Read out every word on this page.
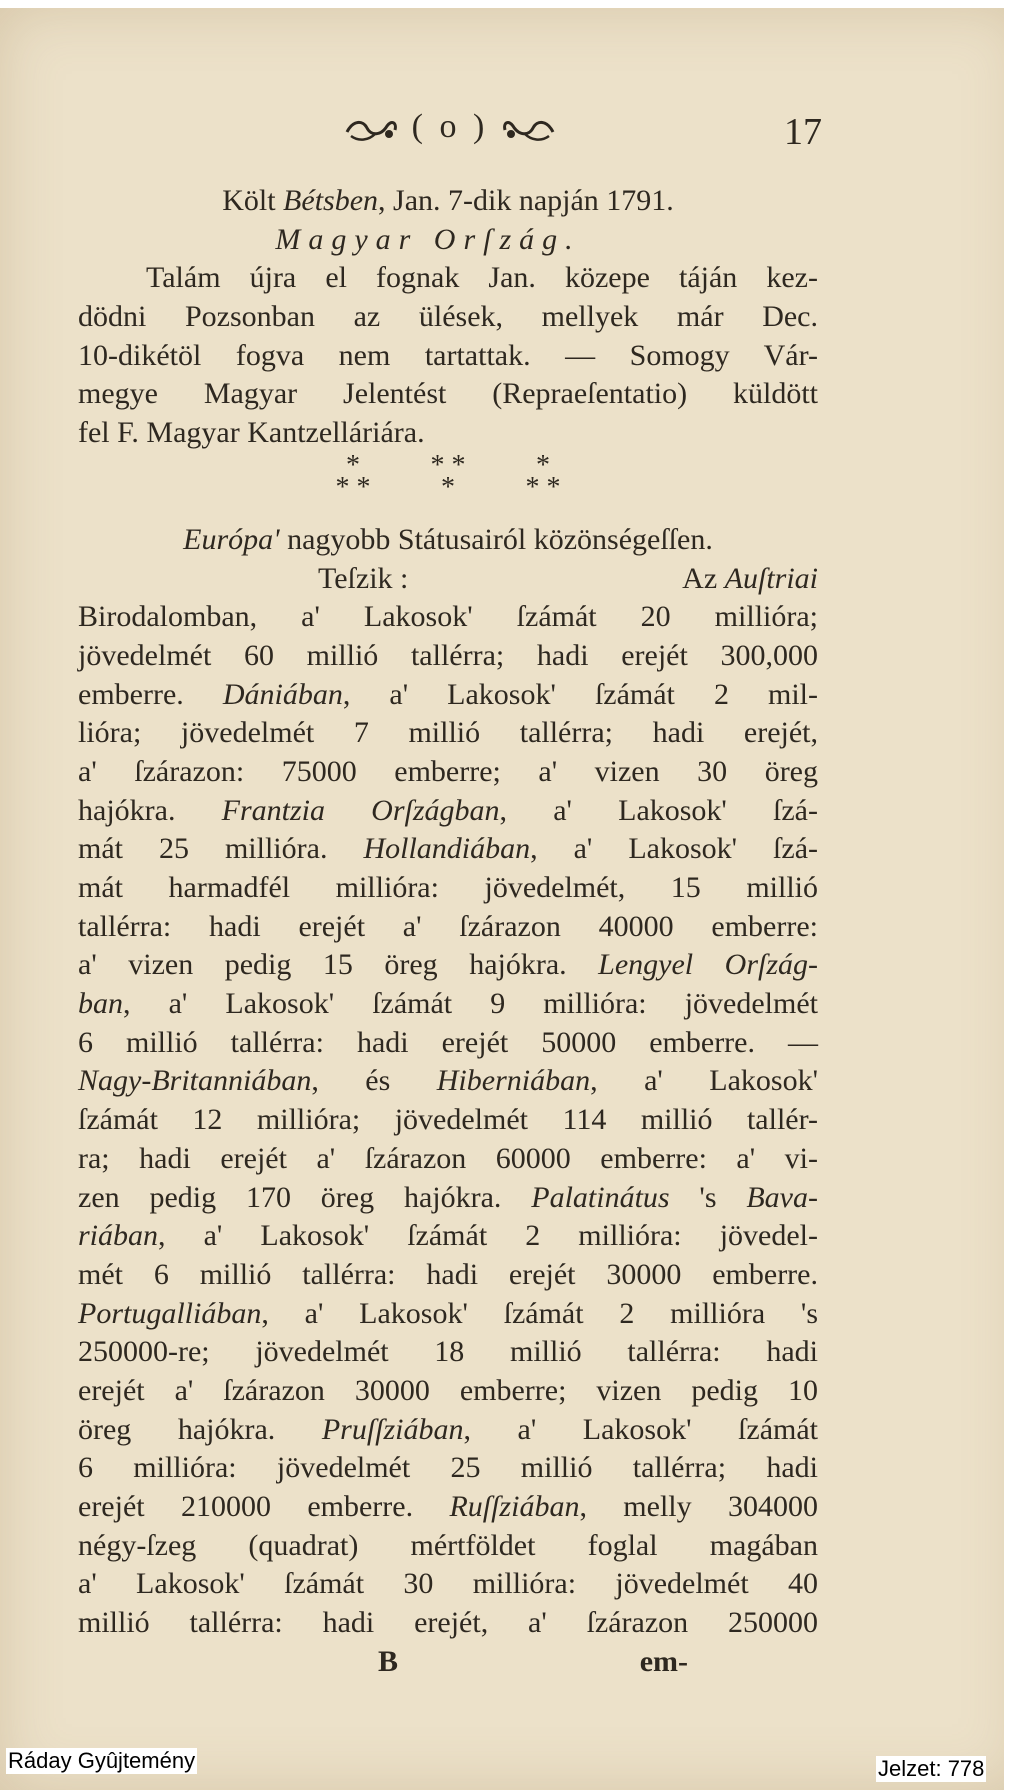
( o )	17
Költ Bétsben, Jan. 7-dik napján 1791.
Magyar Orſzág.
Talám újra el fognak Jan. közepe táján kez-
dödni Pozsonban az ülések, mellyek már Dec.
10-dikétöl fogva nem tartattak. — Somogy Vár-
megye Magyar Jelentést (Repraeſentatio) küldött
fel F. Magyar Kantzelláriára.
*
* *
* *
*
*
* *
Európa' nagyobb Státusairól közönségeſſen.
Teſzik :	Az Auſtriai
Birodalomban, a' Lakosok' ſzámát 20 millióra;
jövedelmét 60 millió tallérra; hadi erejét 300,000
emberre. Dániában, a' Lakosok' ſzámát 2 mil-
lióra; jövedelmét 7 millió tallérra; hadi erejét,
a' ſzárazon: 75000 emberre; a' vizen 30 öreg
hajókra. Frantzia Orſzágban, a' Lakosok' ſzá-
mát 25 millióra. Hollandiában, a' Lakosok' ſzá-
mát harmadfél millióra: jövedelmét, 15 millió
tallérra: hadi erejét a' ſzárazon 40000 emberre:
a' vizen pedig 15 öreg hajókra. Lengyel Orſzág-
ban, a' Lakosok' ſzámát 9 millióra: jövedelmét
6 millió tallérra: hadi erejét 50000 emberre. —
Nagy-Britanniában, és Hiberniában, a' Lakosok'
ſzámát 12 millióra; jövedelmét 114 millió tallér-
ra; hadi erejét a' ſzárazon 60000 emberre: a' vi-
zen pedig 170 öreg hajókra. Palatinátus 's Bava-
riában, a' Lakosok' ſzámát 2 millióra: jövedel-
mét 6 millió tallérra: hadi erejét 30000 emberre.
Portugalliában, a' Lakosok' ſzámát 2 millióra 's
250000-re; jövedelmét 18 millió tallérra: hadi
erejét a' ſzárazon 30000 emberre; vizen pedig 10
öreg hajókra. Pruſſziában, a' Lakosok' ſzámát
6 millióra: jövedelmét 25 millió tallérra; hadi
erejét 210000 emberre. Ruſſziában, melly 304000
négy-ſzeg (quadrat) mértföldet foglal magában
a' Lakosok' ſzámát 30 millióra: jövedelmét 40
millió tallérra: hadi erejét, a' ſzárazon 250000
B	em-
Ráday Gyûjtemény	Jelzet: 778
